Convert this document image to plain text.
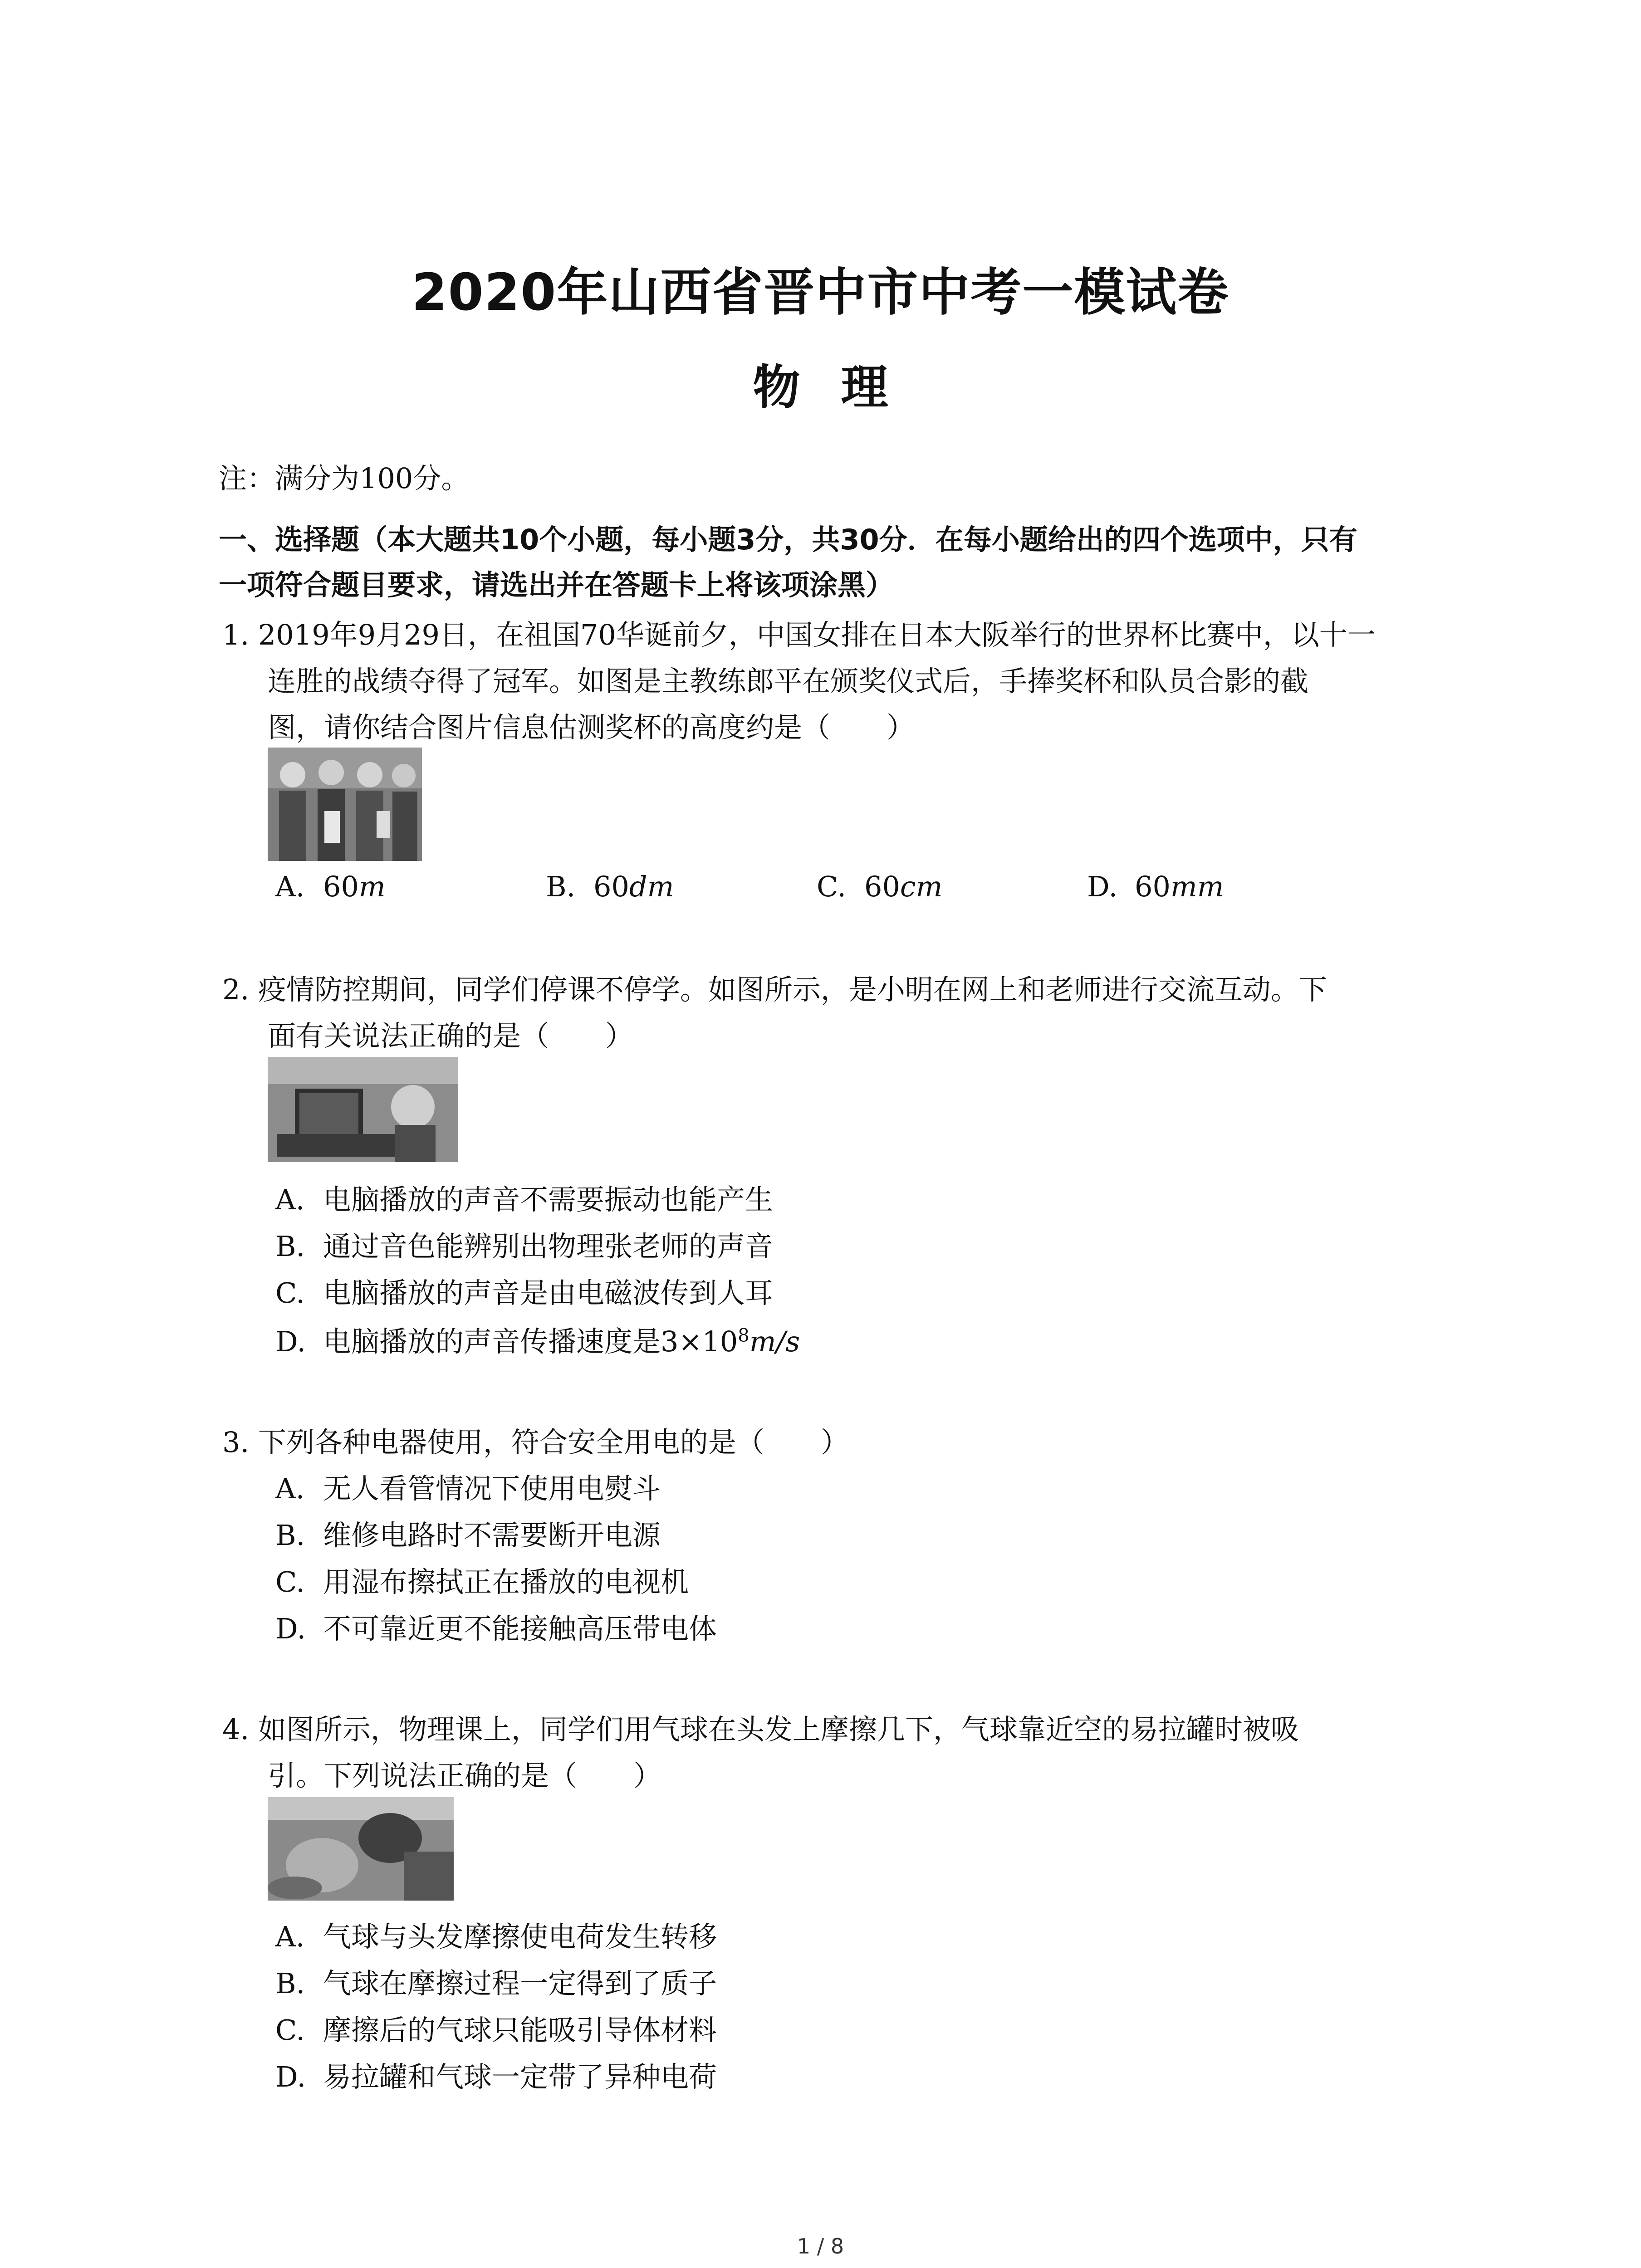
2020年山西省晋中市中考一模试卷
物理
注：满分为100分。
一、选择题（本大题共10个小题，每小题3分，共30分．在每小题给出的四个选项中，只有
一项符合题目要求，请选出并在答题卡上将该项涂黑）
1. 2019年9月29日，在祖国70华诞前夕，中国女排在日本大阪举行的世界杯比赛中，以十一
连胜的战绩夺得了冠军。如图是主教练郎平在颁奖仪式后，手捧奖杯和队员合影的截
图，请你结合图片信息估测奖杯的高度约是（　　）
A. 60m	B. 60dm	C. 60cm	D. 60mm
2. 疫情防控期间，同学们停课不停学。如图所示，是小明在网上和老师进行交流互动。下
面有关说法正确的是（　　）
A. 电脑播放的声音不需要振动也能产生
B. 通过音色能辨别出物理张老师的声音
C. 电脑播放的声音是由电磁波传到人耳
D. 电脑播放的声音传播速度是$3\times 10^8m/s$
3. 下列各种电器使用，符合安全用电的是（　　）
A. 无人看管情况下使用电熨斗
B. 维修电路时不需要断开电源
C. 用湿布擦拭正在播放的电视机
D. 不可靠近更不能接触高压带电体
4. 如图所示，物理课上，同学们用气球在头发上摩擦几下，气球靠近空的易拉罐时被吸
引。下列说法正确的是（　　）
A. 气球与头发摩擦使电荷发生转移
B. 气球在摩擦过程一定得到了质子
C. 摩擦后的气球只能吸引导体材料
D. 易拉罐和气球一定带了异种电荷
1 / 8
